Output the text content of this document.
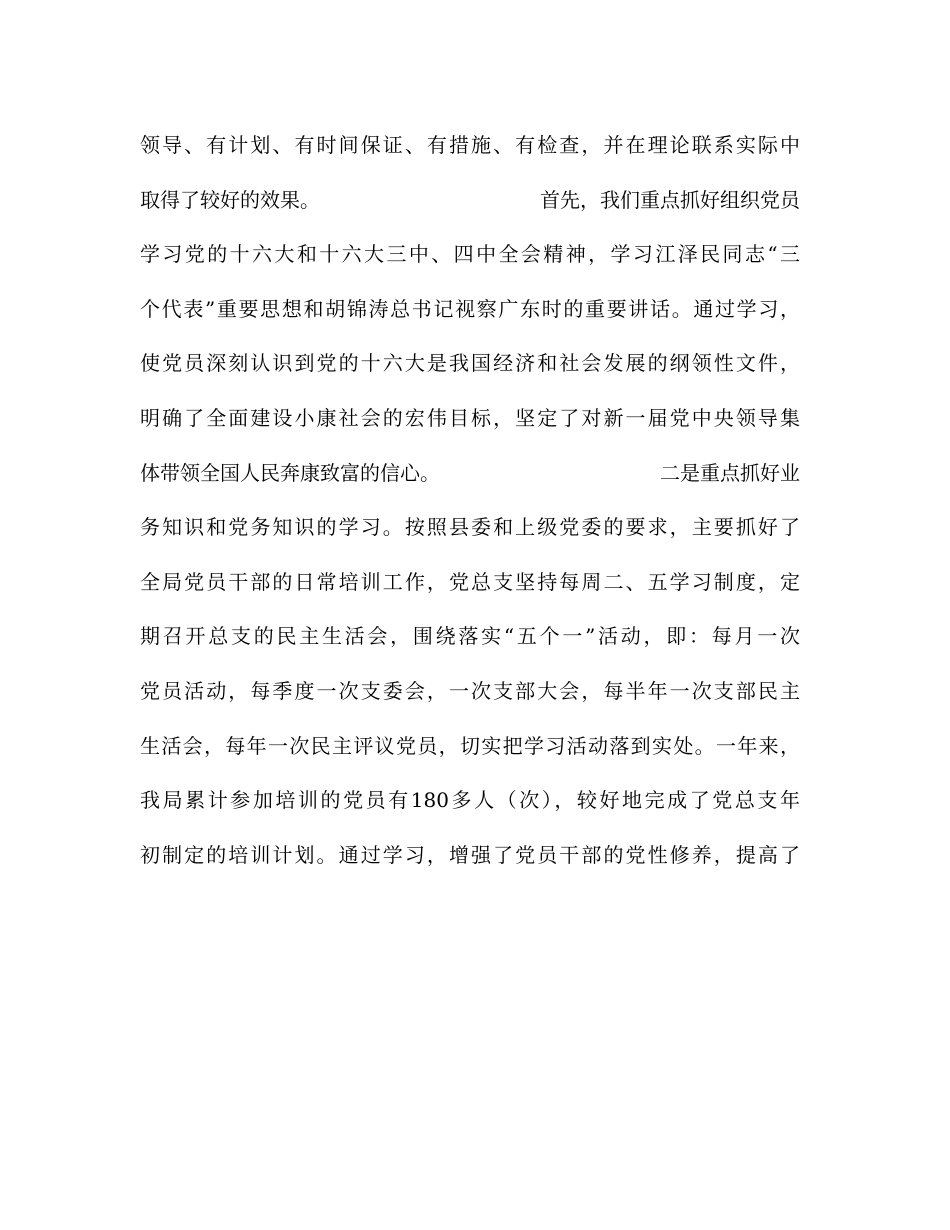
领导、有计划、有时间保证、有措施、有检查，并在理论联系实际中
取得了较好的效果。	首先，我们重点抓好组织党员
学习党的十六大和十六大三中、四中全会精神，学习江泽民同志“三
个代表”重要思想和胡锦涛总书记视察广东时的重要讲话。通过学习，
使党员深刻认识到党的十六大是我国经济和社会发展的纲领性文件，
明确了全面建设小康社会的宏伟目标，坚定了对新一届党中央领导集
体带领全国人民奔康致富的信心。	二是重点抓好业
务知识和党务知识的学习。按照县委和上级党委的要求，主要抓好了
全局党员干部的日常培训工作，党总支坚持每周二、五学习制度，定
期召开总支的民主生活会，围绕落实“五个一”活动，即：每月一次
党员活动，每季度一次支委会，一次支部大会，每半年一次支部民主
生活会，每年一次民主评议党员，切实把学习活动落到实处。一年来，
我局累计参加培训的党员有180多人（次），较好地完成了党总支年
初制定的培训计划。通过学习，增强了党员干部的党性修养，提高了
